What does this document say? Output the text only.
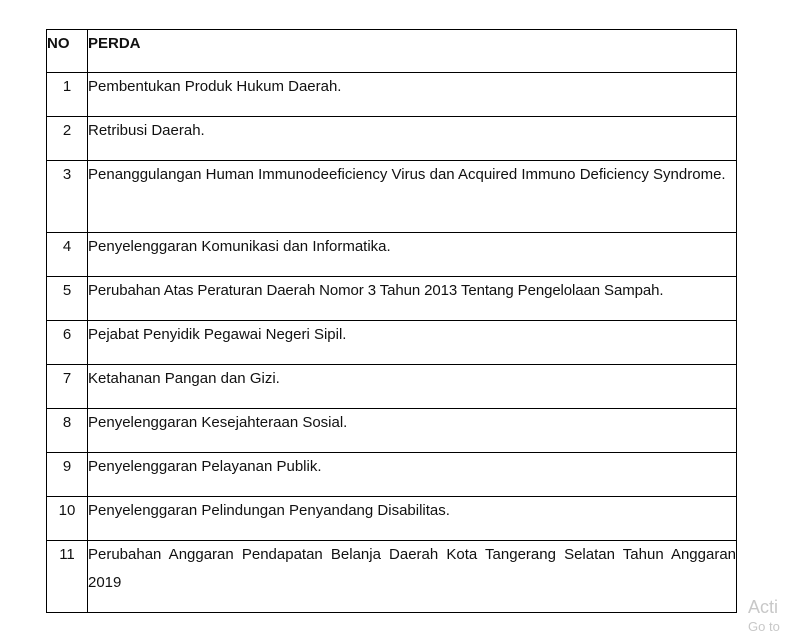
NO	PERDA
1	Pembentukan Produk Hukum Daerah.
2	Retribusi Daerah.
3	Penanggulangan Human Immunodeeficiency Virus dan Acquired Immuno Deficiency Syndrome.
4	Penyelenggaran Komunikasi dan Informatika.
5	Perubahan Atas Peraturan Daerah Nomor 3 Tahun 2013 Tentang Pengelolaan Sampah.
6	Pejabat Penyidik Pegawai Negeri Sipil.
7	Ketahanan Pangan dan Gizi.
8	Penyelenggaran Kesejahteraan Sosial.
9	Penyelenggaran Pelayanan Publik.
10	Penyelenggaran Pelindungan Penyandang Disabilitas.
11	Perubahan Anggaran Pendapatan Belanja Daerah Kota Tangerang Selatan Tahun Anggaran 2019
Acti
Go to
